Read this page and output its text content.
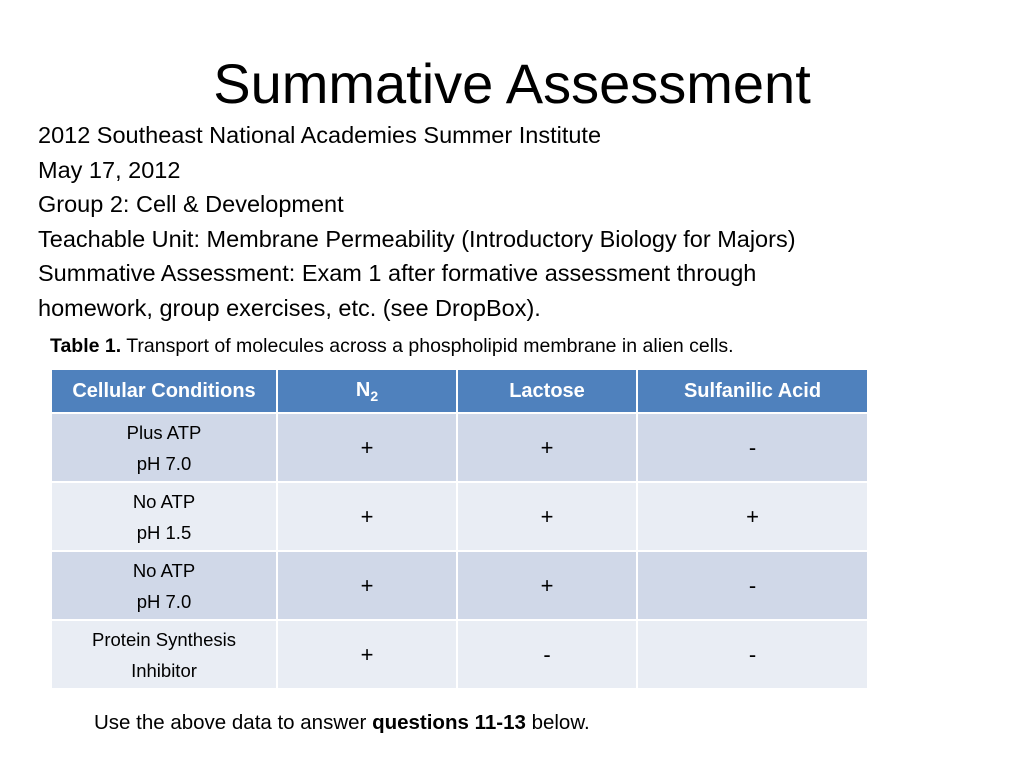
Summative Assessment
2012 Southeast National Academies Summer Institute
May 17, 2012
Group 2: Cell & Development
Teachable Unit: Membrane Permeability (Introductory Biology for Majors)
Summative Assessment: Exam 1 after formative assessment through
homework, group exercises, etc. (see DropBox).
Table 1. Transport of molecules across a phospholipid membrane in alien cells.
Cellular Conditions	$N_2$	Lactose	Sulfanilic Acid

Plus ATP
pH 7.0	+	+	-

No ATP
pH 1.5	+	+	+

No ATP
pH 7.0	+	+	-

Protein Synthesis
Inhibitor	+	-	-
Use the above data to answer questions 11-13 below.
